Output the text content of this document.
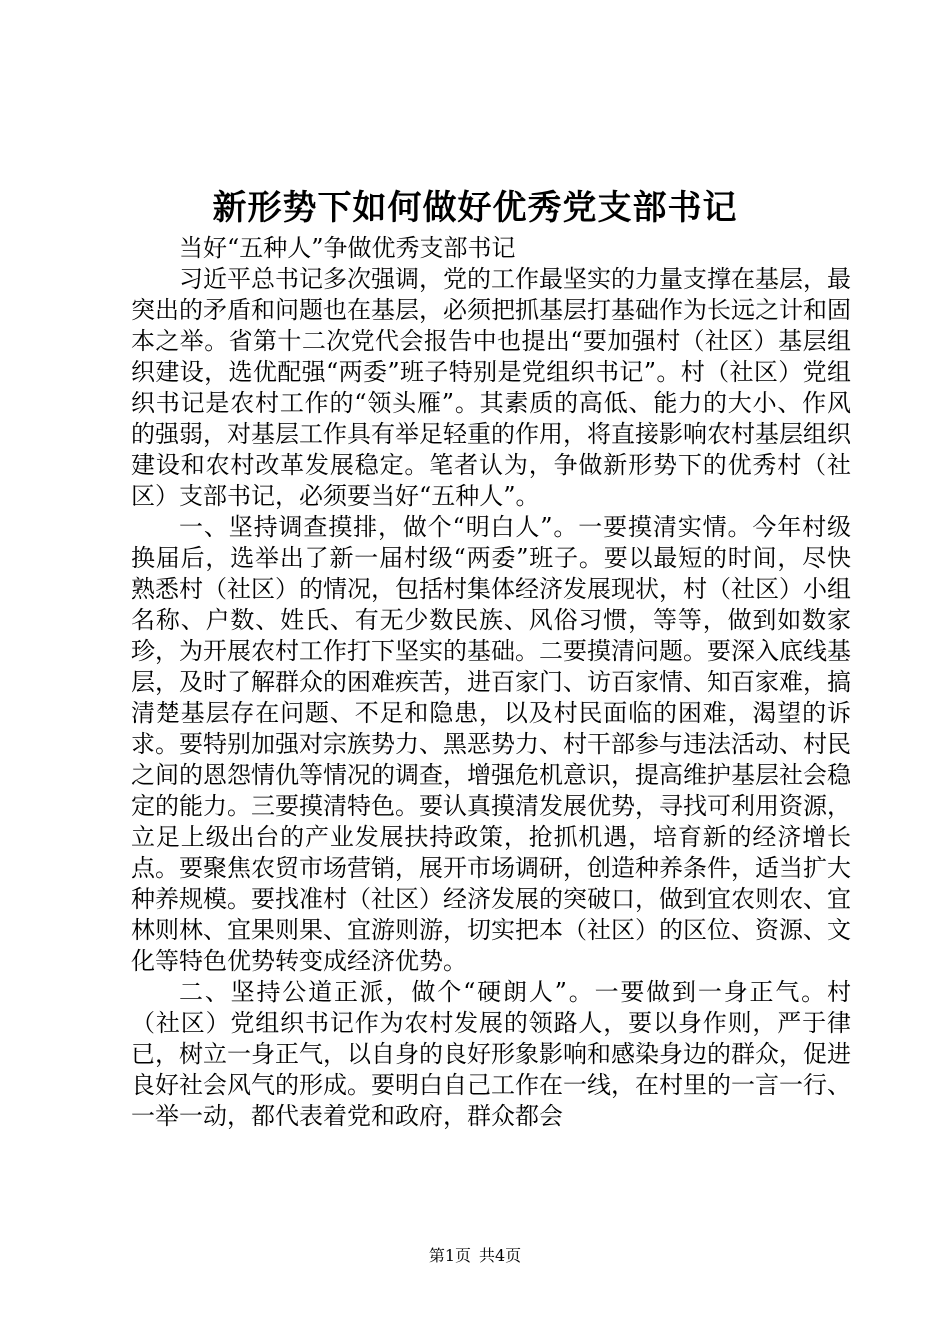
新形势下如何做好优秀党支部书记

当好“五种人”争做优秀支部书记

习近平总书记多次强调，党的工作最坚实的力量支撑在基层，最突出的矛盾和问题也在基层，必须把抓基层打基础作为长远之计和固本之举。省第十二次党代会报告中也提出“要加强村（社区）基层组织建设，选优配强“两委”班子特别是党组织书记”。村（社区）党组织书记是农村工作的“领头雁”。其素质的高低、能力的大小、作风的强弱，对基层工作具有举足轻重的作用，将直接影响农村基层组织建设和农村改革发展稳定。笔者认为，争做新形势下的优秀村（社区）支部书记，必须要当好“五种人”。

一、坚持调查摸排，做个“明白人”。一要摸清实情。今年村级换届后，选举出了新一届村级“两委”班子。要以最短的时间，尽快熟悉村（社区）的情况，包括村集体经济发展现状，村（社区）小组名称、户数、姓氏、有无少数民族、风俗习惯，等等，做到如数家珍，为开展农村工作打下坚实的基础。二要摸清问题。要深入底线基层，及时了解群众的困难疾苦，进百家门、访百家情、知百家难，搞清楚基层存在问题、不足和隐患，以及村民面临的困难，渴望的诉求。要特别加强对宗族势力、黑恶势力、村干部参与违法活动、村民之间的恩怨情仇等情况的调查，增强危机意识，提高维护基层社会稳定的能力。三要摸清特色。要认真摸清发展优势，寻找可利用资源，立足上级出台的产业发展扶持政策，抢抓机遇，培育新的经济增长点。要聚焦农贸市场营销，展开市场调研，创造种养条件，适当扩大种养规模。要找准村（社区）经济发展的突破口，做到宜农则农、宜林则林、宜果则果、宜游则游，切实把本（社区）的区位、资源、文化等特色优势转变成经济优势。

二、坚持公道正派，做个“硬朗人”。一要做到一身正气。村（社区）党组织书记作为农村发展的领路人，要以身作则，严于律已，树立一身正气，以自身的良好形象影响和感染身边的群众，促进良好社会风气的形成。要明白自己工作在一线，在村里的一言一行、一举一动，都代表着党和政府，群众都会

第1页 共4页
